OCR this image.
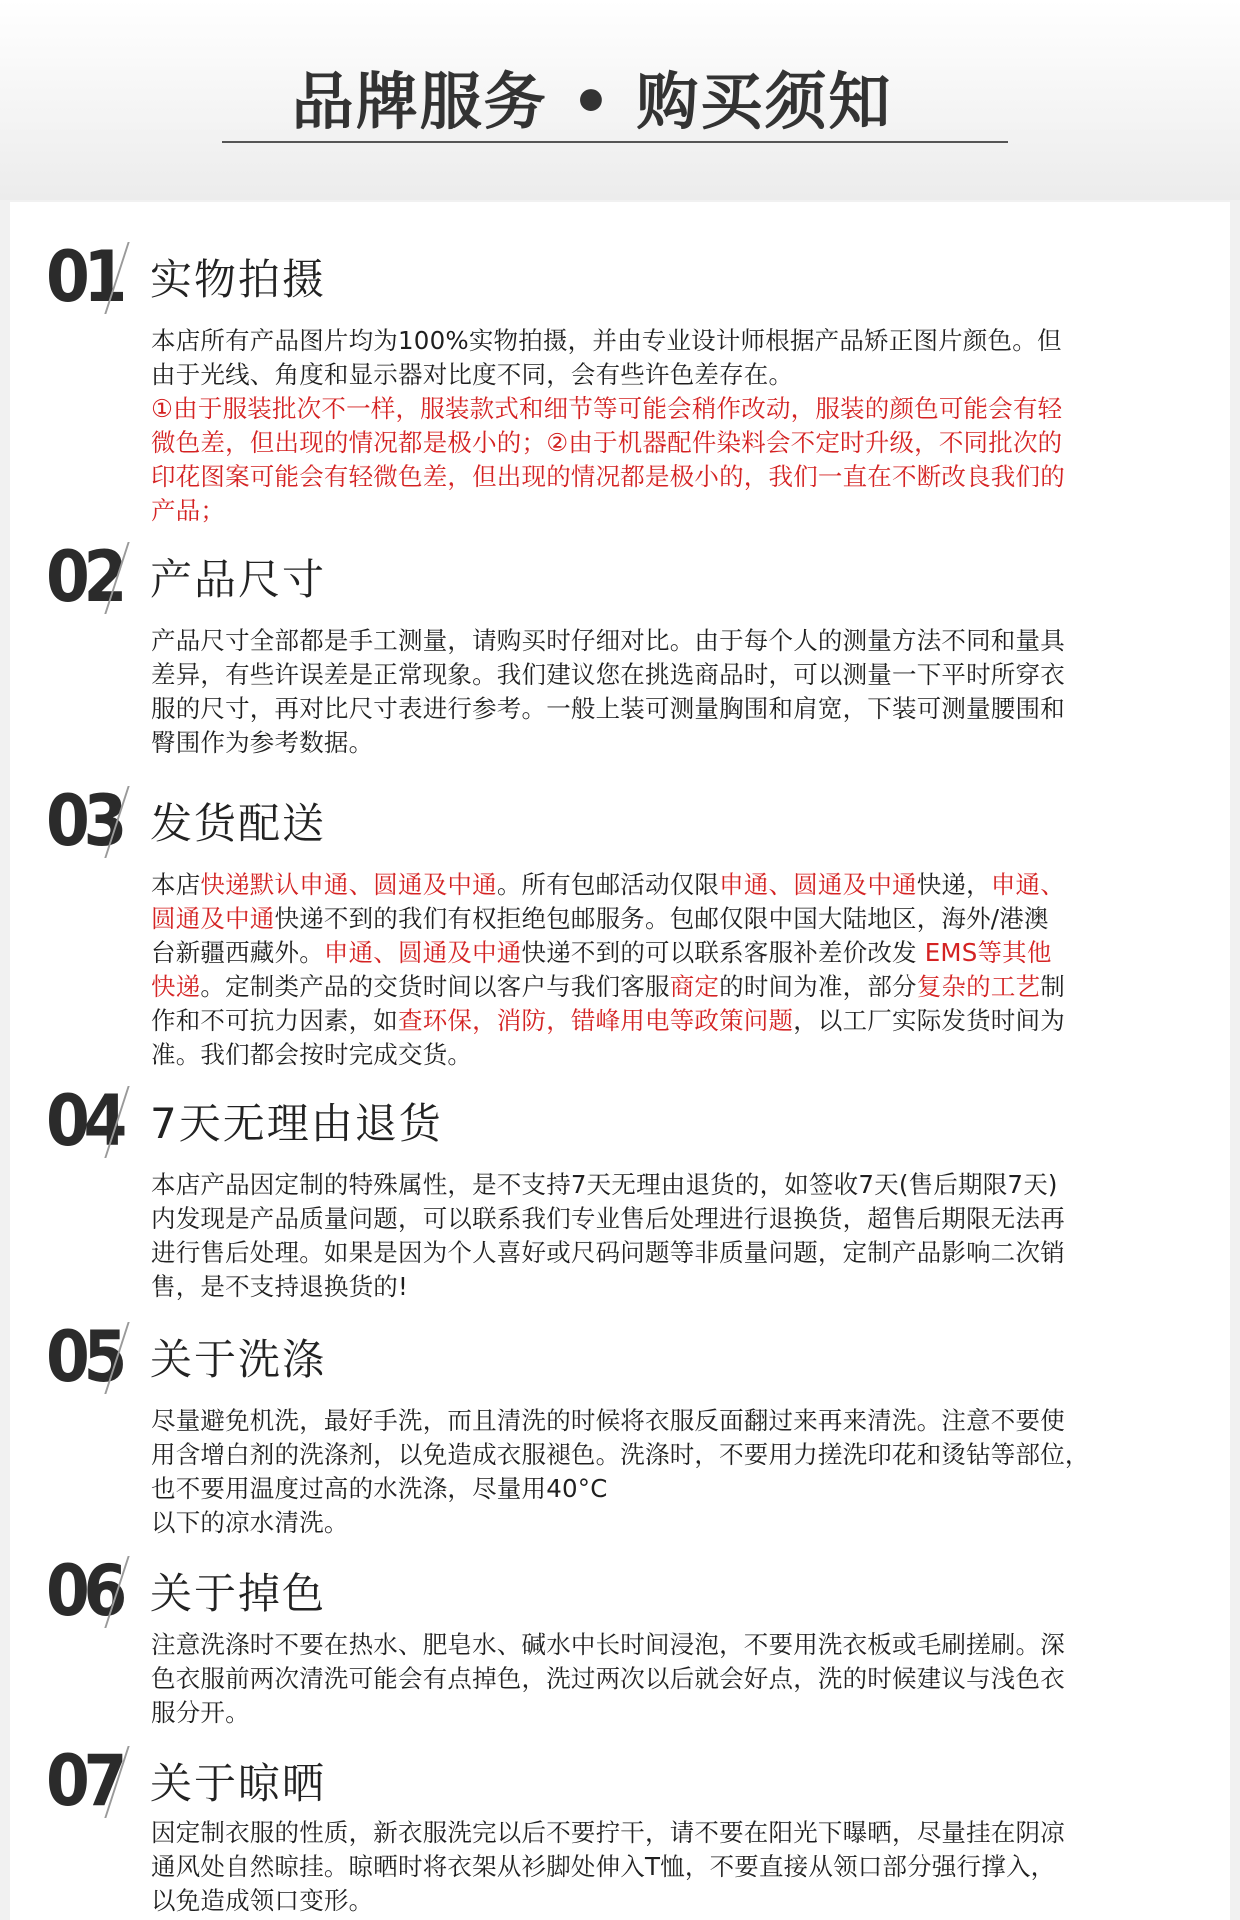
品牌服务 • 购买须知
01 实物拍摄
本店所有产品图片均为100%实物拍摄，并由专业设计师根据产品矫正图片颜色。但
由于光线、角度和显示器对比度不同，会有些许色差存在。
①由于服装批次不一样，服装款式和细节等可能会稍作改动，服装的颜色可能会有轻
微色差，但出现的情况都是极小的；②由于机器配件染料会不定时升级，不同批次的
印花图案可能会有轻微色差，但出现的情况都是极小的，我们一直在不断改良我们的
产品；
02 产品尺寸
产品尺寸全部都是手工测量，请购买时仔细对比。由于每个人的测量方法不同和量具
差异，有些许误差是正常现象。我们建议您在挑选商品时，可以测量一下平时所穿衣
服的尺寸，再对比尺寸表进行参考。一般上装可测量胸围和肩宽，下装可测量腰围和
臀围作为参考数据。
03 发货配送
本店快递默认申通、圆通及中通。所有包邮活动仅限申通、圆通及中通快递，申通、
圆通及中通快递不到的我们有权拒绝包邮服务。包邮仅限中国大陆地区，海外/港澳
台新疆西藏外。申通、圆通及中通快递不到的可以联系客服补差价改发 EMS等其他
快递。定制类产品的交货时间以客户与我们客服商定的时间为准，部分复杂的工艺制
作和不可抗力因素，如查环保，消防，错峰用电等政策问题，以工厂实际发货时间为
准。我们都会按时完成交货。
04 7天无理由退货
本店产品因定制的特殊属性，是不支持7天无理由退货的，如签收7天(售后期限7天)
内发现是产品质量问题，可以联系我们专业售后处理进行退换货，超售后期限无法再
进行售后处理。如果是因为个人喜好或尺码问题等非质量问题，定制产品影响二次销
售，是不支持退换货的!
05 关于洗涤
尽量避免机洗，最好手洗，而且清洗的时候将衣服反面翻过来再来清洗。注意不要使
用含增白剂的洗涤剂，以免造成衣服褪色。洗涤时，不要用力搓洗印花和烫钻等部位，
也不要用温度过高的水洗涤，尽量用40°C
以下的凉水清洗。
06 关于掉色
注意洗涤时不要在热水、肥皂水、碱水中长时间浸泡，不要用洗衣板或毛刷搓刷。深
色衣服前两次清洗可能会有点掉色，洗过两次以后就会好点，洗的时候建议与浅色衣
服分开。
07 关于晾晒
因定制衣服的性质，新衣服洗完以后不要拧干，请不要在阳光下曝晒，尽量挂在阴凉
通风处自然晾挂。晾晒时将衣架从衫脚处伸入T恤，不要直接从领口部分强行撑入，
以免造成领口变形。
